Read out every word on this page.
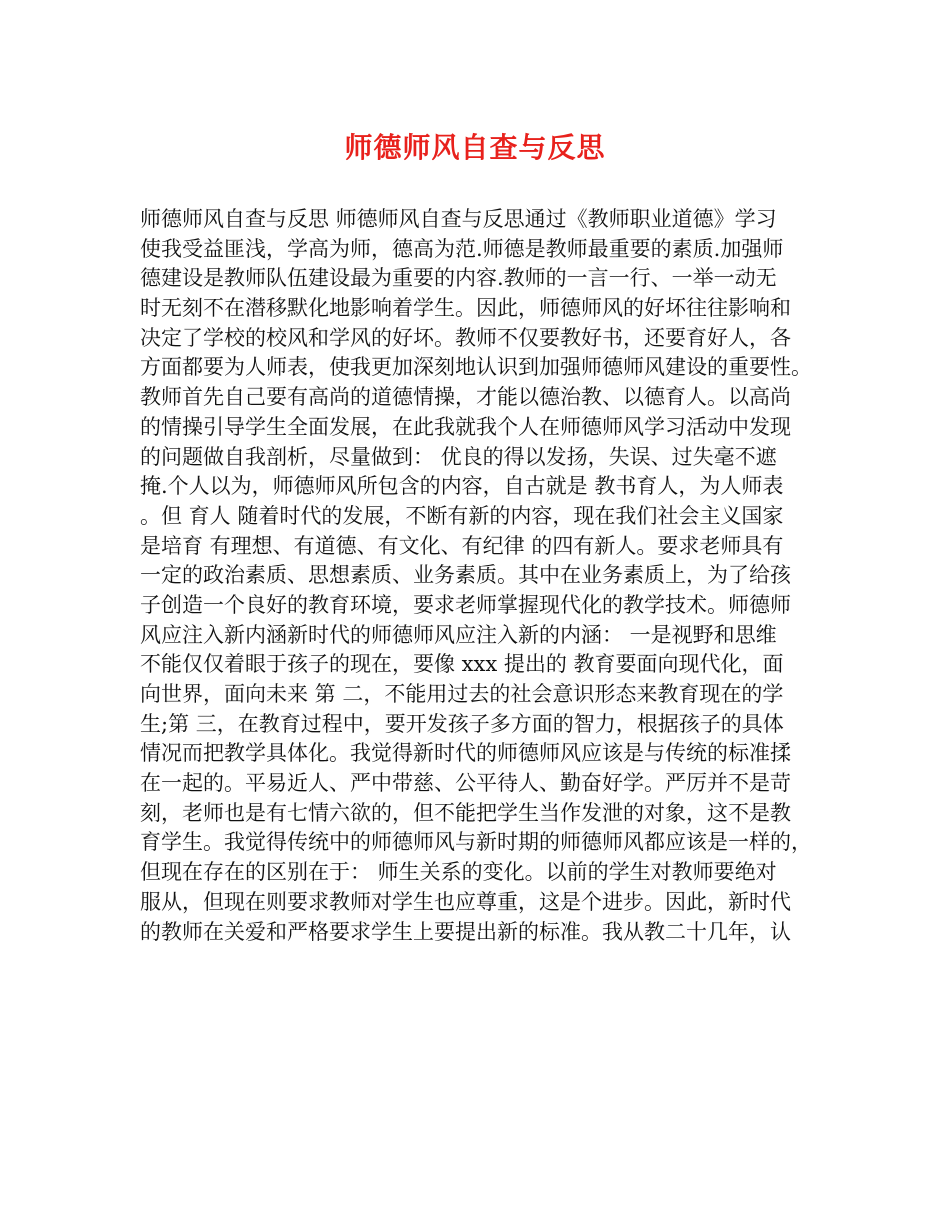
师德师风自查与反思
师德师风自查与反思 师德师风自查与反思通过《教师职业道德》学习
使我受益匪浅，学高为师，德高为范.师德是教师最重要的素质.加强师
德建设是教师队伍建设最为重要的内容.教师的一言一行、一举一动无
时无刻不在潜移默化地影响着学生。因此，师德师风的好坏往往影响和
决定了学校的校风和学风的好坏。教师不仅要教好书，还要育好人，各
方面都要为人师表，使我更加深刻地认识到加强师德师风建设的重要性。
教师首先自己要有高尚的道德情操，才能以德治教、以德育人。以高尚
的情操引导学生全面发展，在此我就我个人在师德师风学习活动中发现
的问题做自我剖析，尽量做到： 优良的得以发扬，失误、过失毫不遮
掩.个人以为，师德师风所包含的内容，自古就是 教书育人，为人师表
。但 育人 随着时代的发展，不断有新的内容，现在我们社会主义国家
是培育 有理想、有道德、有文化、有纪律 的四有新人。要求老师具有
一定的政治素质、思想素质、业务素质。其中在业务素质上，为了给孩
子创造一个良好的教育环境，要求老师掌握现代化的教学技术。师德师
风应注入新内涵新时代的师德师风应注入新的内涵： 一是视野和思维
不能仅仅着眼于孩子的现在，要像 xxx 提出的 教育要面向现代化，面
向世界，面向未来 第 二，不能用过去的社会意识形态来教育现在的学
生;第 三，在教育过程中，要开发孩子多方面的智力，根据孩子的具体
情况而把教学具体化。我觉得新时代的师德师风应该是与传统的标准揉
在一起的。平易近人、严中带慈、公平待人、勤奋好学。严厉并不是苛
刻，老师也是有七情六欲的，但不能把学生当作发泄的对象，这不是教
育学生。我觉得传统中的师德师风与新时期的师德师风都应该是一样的，
但现在存在的区别在于： 师生关系的变化。以前的学生对教师要绝对
服从，但现在则要求教师对学生也应尊重，这是个进步。因此，新时代
的教师在关爱和严格要求学生上要提出新的标准。我从教二十几年，认
